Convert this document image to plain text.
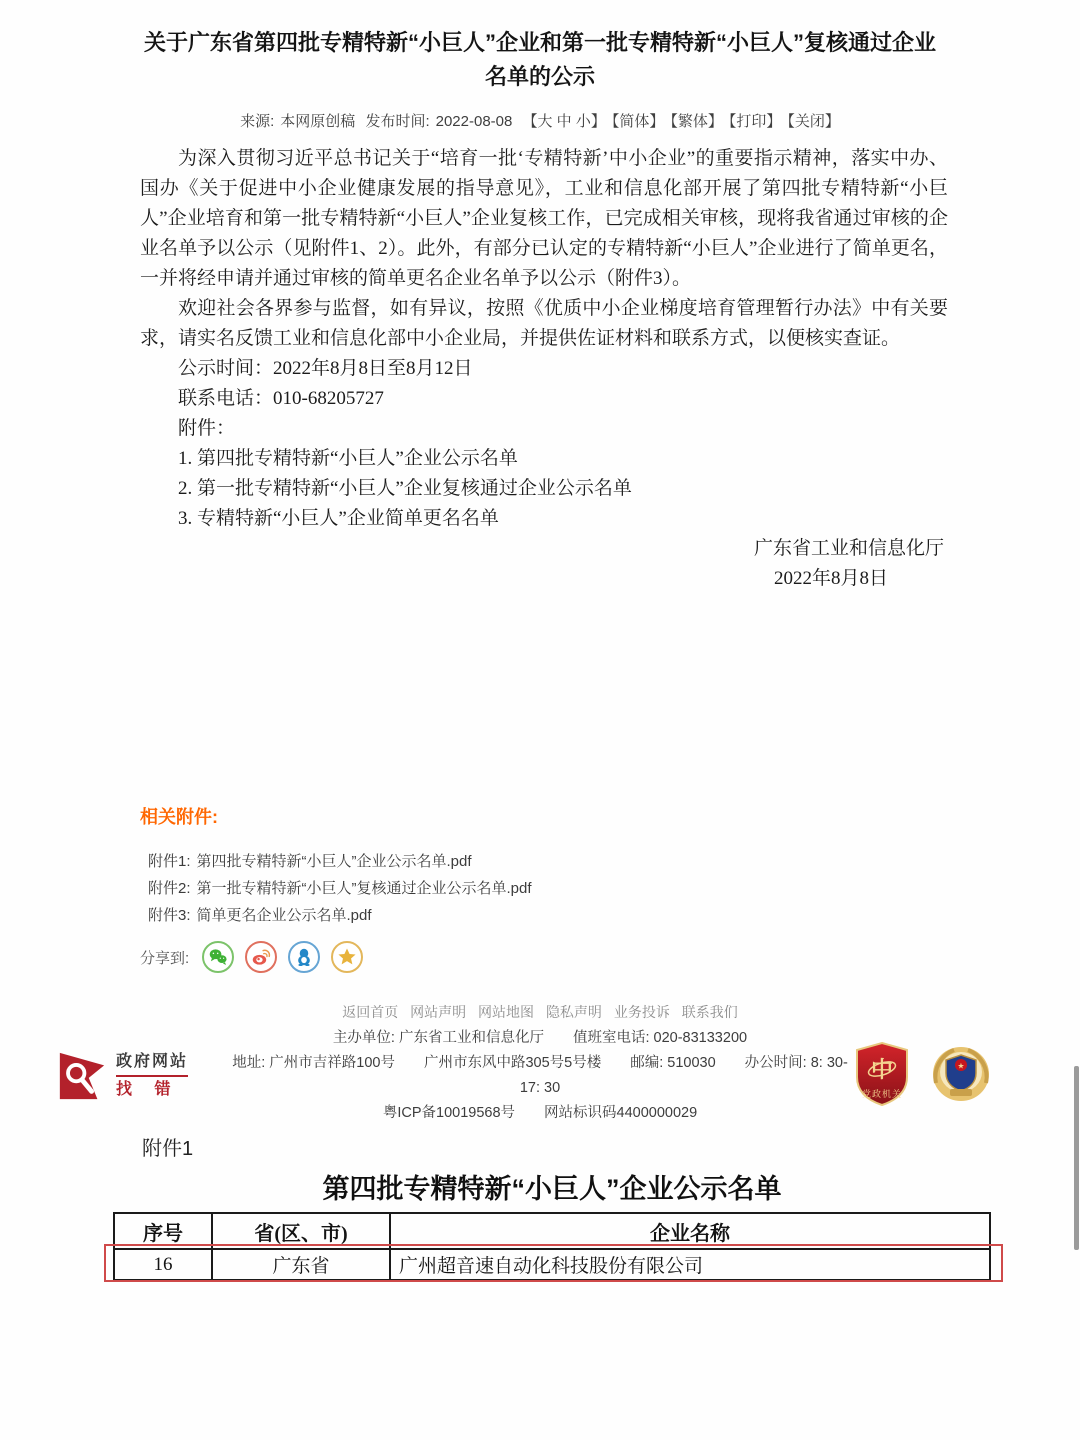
关于广东省第四批专精特新“小巨人”企业和第一批专精特新“小巨人”复核通过企业名单的公示
来源: 本网原创稿 发布时间: 2022-08-08 【大 中 小】 【简体】 【繁体】 【打印】 【关闭】

为深入贯彻习近平总书记关于“培育一批‘专精特新’中小企业”的重要指示精神，落实中办、国办《关于促进中小企业健康发展的指导意见》，工业和信息化部开展了第四批专精特新“小巨人”企业培育和第一批专精特新“小巨人”企业复核工作，已完成相关审核，现将我省通过审核的企业名单予以公示（见附件1、2）。此外，有部分已认定的专精特新“小巨人”企业进行了简单更名，一并将经申请并通过审核的简单更名企业名单予以公示（附件3）。

欢迎社会各界参与监督，如有异议，按照《优质中小企业梯度培育管理暂行办法》中有关要求，请实名反馈工业和信息化部中小企业局，并提供佐证材料和联系方式，以便核实查证。

公示时间：2022年8月8日至8月12日

联系电话：010-68205727

附件：

1. 第四批专精特新“小巨人”企业公示名单

2. 第一批专精特新“小巨人”企业复核通过企业公示名单

3. 专精特新“小巨人”企业简单更名名单

广东省工业和信息化厅

2022年8月8日

相关附件:
附件1: 第四批专精特新“小巨人”企业公示名单.pdf
附件2: 第一批专精特新“小巨人”复核通过企业公示名单.pdf
附件3: 简单更名企业公示名单.pdf
分享到:
返回首页 网站声明 网站地图 隐私声明 业务投诉 联系我们
政府网站
找 错
主办单位: 广东省工业和信息化厅　　值班室电话: 020-83133200
地址: 广州市吉祥路100号　　广州市东风中路305号5号楼　　邮编: 510030　　办公时间: 8: 30-17: 30
粤ICP备10019568号　　网站标识码4400000029
中
党政机关
★
附件1
第四批专精特新“小巨人”企业公示名单
序号	省(区、市)	企业名称
16	广东省	广州超音速自动化科技股份有限公司
